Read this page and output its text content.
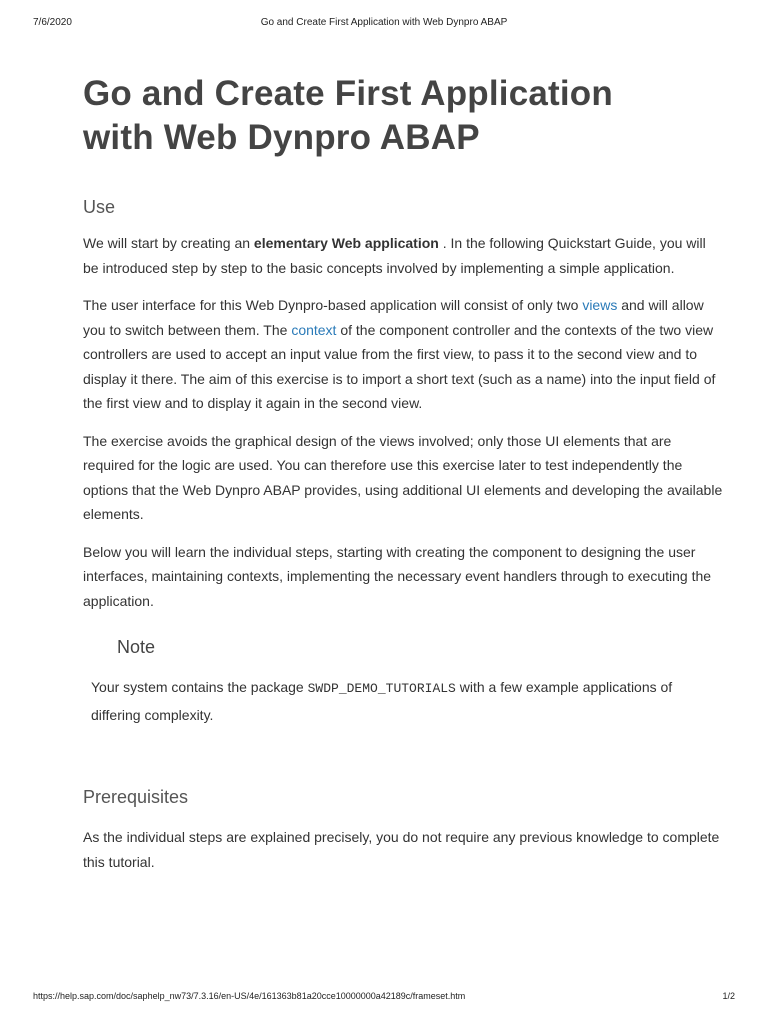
7/6/2020	Go and Create First Application with Web Dynpro ABAP
Go and Create First Application
with Web Dynpro ABAP
Use

We will start by creating an elementary Web application . In the following Quickstart Guide, you will be introduced step by step to the basic concepts involved by implementing a simple application.

The user interface for this Web Dynpro-based application will consist of only two views and will allow you to switch between them. The context of the component controller and the contexts of the two view controllers are used to accept an input value from the first view, to pass it to the second view and to display it there. The aim of this exercise is to import a short text (such as a name) into the input field of the first view and to display it again in the second view.

The exercise avoids the graphical design of the views involved; only those UI elements that are required for the logic are used. You can therefore use this exercise later to test independently the options that the Web Dynpro ABAP provides, using additional UI elements and developing the available elements.

Below you will learn the individual steps, starting with creating the component to designing the user interfaces, maintaining contexts, implementing the necessary event handlers through to executing the application.

Note
Your system contains the package SWDP_DEMO_TUTORIALS with a few example applications of differing complexity.
Prerequisites

As the individual steps are explained precisely, you do not require any previous knowledge to complete this tutorial.

https://help.sap.com/doc/saphelp_nw73/7.3.16/en-US/4e/161363b81a20cce10000000a42189c/frameset.htm	1/2
